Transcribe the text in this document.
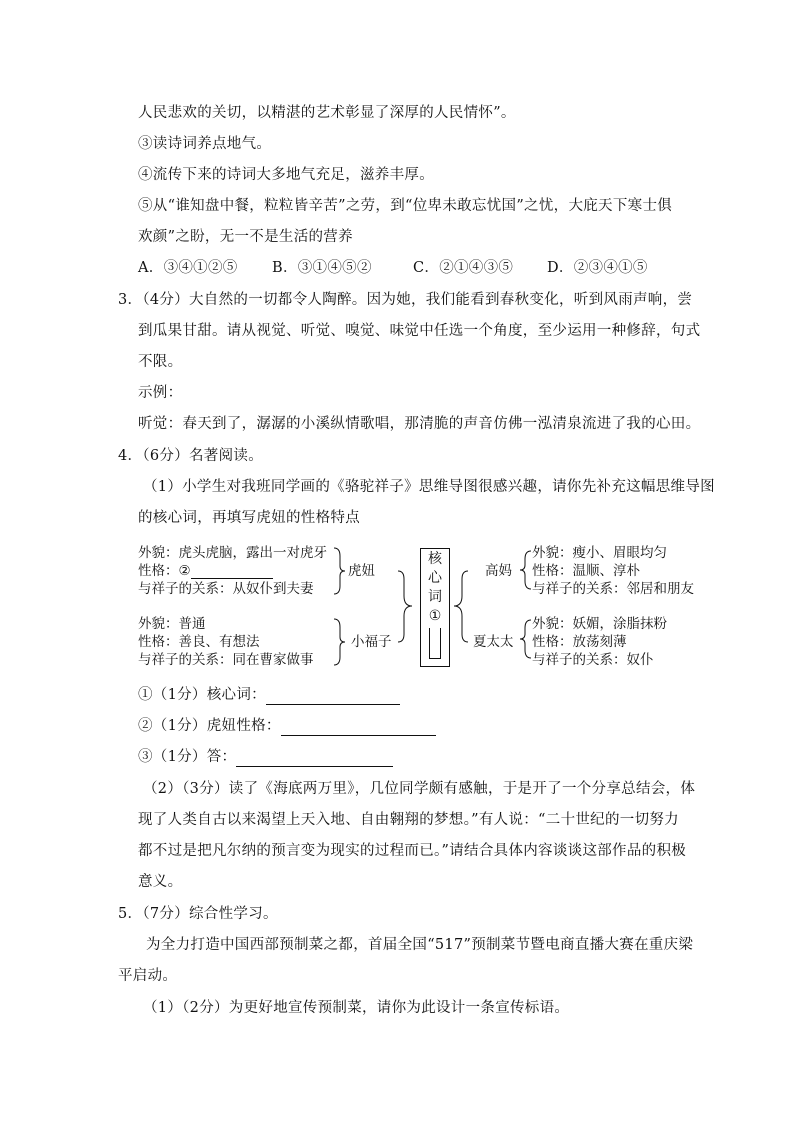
人民悲欢的关切，以精湛的艺术彰显了深厚的人民情怀”。
③读诗词养点地气。
④流传下来的诗词大多地气充足，滋养丰厚。
⑤从“谁知盘中餐，粒粒皆辛苦”之劳，到“位卑未敢忘忧国”之忧，大庇天下寒士俱
欢颜”之盼，无一不是生活的营养
A．③④①②⑤ B．③①④⑤②	C．②①④③⑤ D．②③④①⑤
3．（4分）大自然的一切都令人陶醉。因为她，我们能看到春秋变化，听到风雨声响，尝
到瓜果甘甜。请从视觉、听觉、嗅觉、味觉中任选一个角度，至少运用一种修辞，句式
不限。
示例：
听觉：春天到了，潺潺的小溪纵情歌唱，那清脆的声音仿佛一泓清泉流进了我的心田。
4．（6分）名著阅读。
（1）小学生对我班同学画的《骆驼祥子》思维导图很感兴趣，请你先补充这幅思维导图
的核心词，再填写虎妞的性格特点
外貌：虎头虎脑，露出一对虎牙
性格：②
与祥子的关系：从奴仆到夫妻
虎妞
外貌：普通
性格：善良、有想法
与祥子的关系：同在曹家做事
小福子
核
心
词
①
高妈
外貌：瘦小、眉眼均匀
性格：温顺、淳朴
与祥子的关系：邻居和朋友
夏太太
外貌：妖媚，涂脂抹粉
性格：放荡刻薄
与祥子的关系：奴仆
①（1分）核心词：
②（1分）虎妞性格：
③（1分）答：
（2）（3分）读了《海底两万里》，几位同学颇有感触，于是开了一个分享总结会，体
现了人类自古以来渴望上天入地、自由翱翔的梦想。”有人说：“二十世纪的一切努力
都不过是把凡尔纳的预言变为现实的过程而已。”请结合具体内容谈谈这部作品的积极
意义。
5．（7分）综合性学习。
为全力打造中国西部预制菜之都，首届全国“517”预制菜节暨电商直播大赛在重庆梁
平启动。
（1）（2分）为更好地宣传预制菜，请你为此设计一条宣传标语。
